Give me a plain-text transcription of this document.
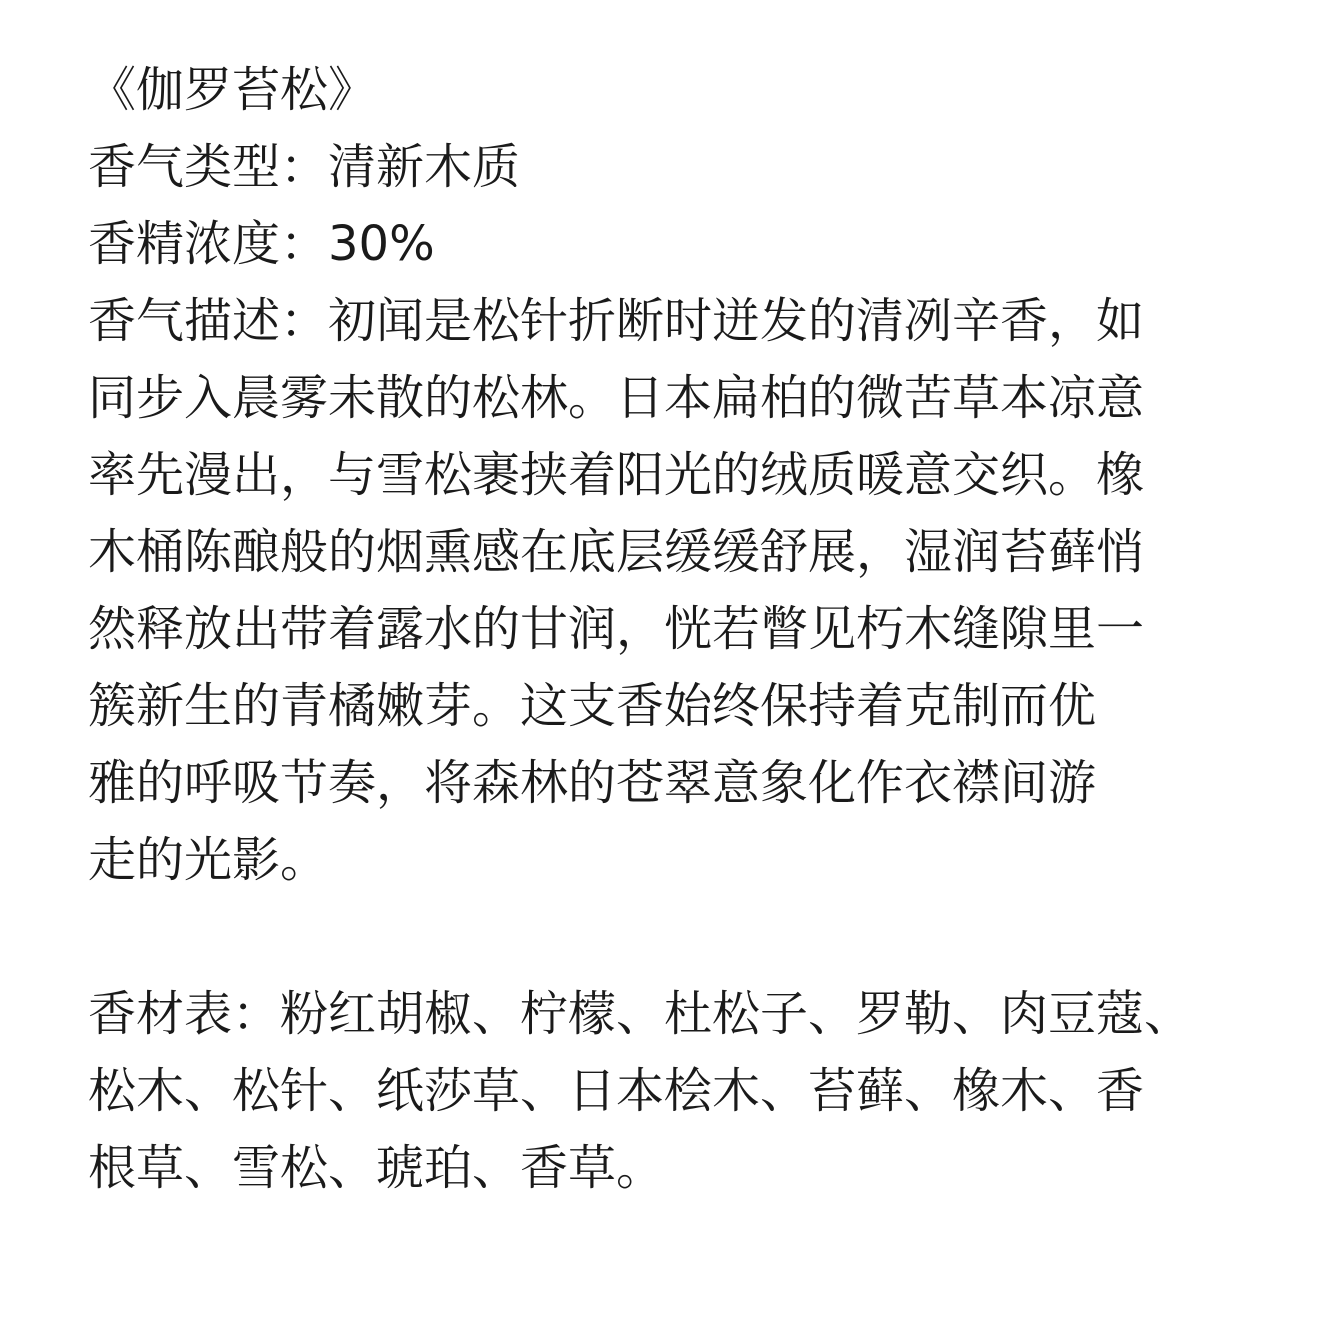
《伽罗苔松》
香气类型：清新木质
香精浓度：30%
香气描述：初闻是松针折断时迸发的清冽辛香，如
同步入晨雾未散的松林。日本扁柏的微苦草本凉意
率先漫出，与雪松裹挟着阳光的绒质暖意交织。橡
木桶陈酿般的烟熏感在底层缓缓舒展，湿润苔藓悄
然释放出带着露水的甘润，恍若瞥见朽木缝隙里一
簇新生的青橘嫩芽。这支香始终保持着克制而优
雅的呼吸节奏，将森林的苍翠意象化作衣襟间游
走的光影。
香材表：粉红胡椒、柠檬、杜松子、罗勒、肉豆蔻、
松木、松针、纸莎草、日本桧木、苔藓、橡木、香
根草、雪松、琥珀、香草。
